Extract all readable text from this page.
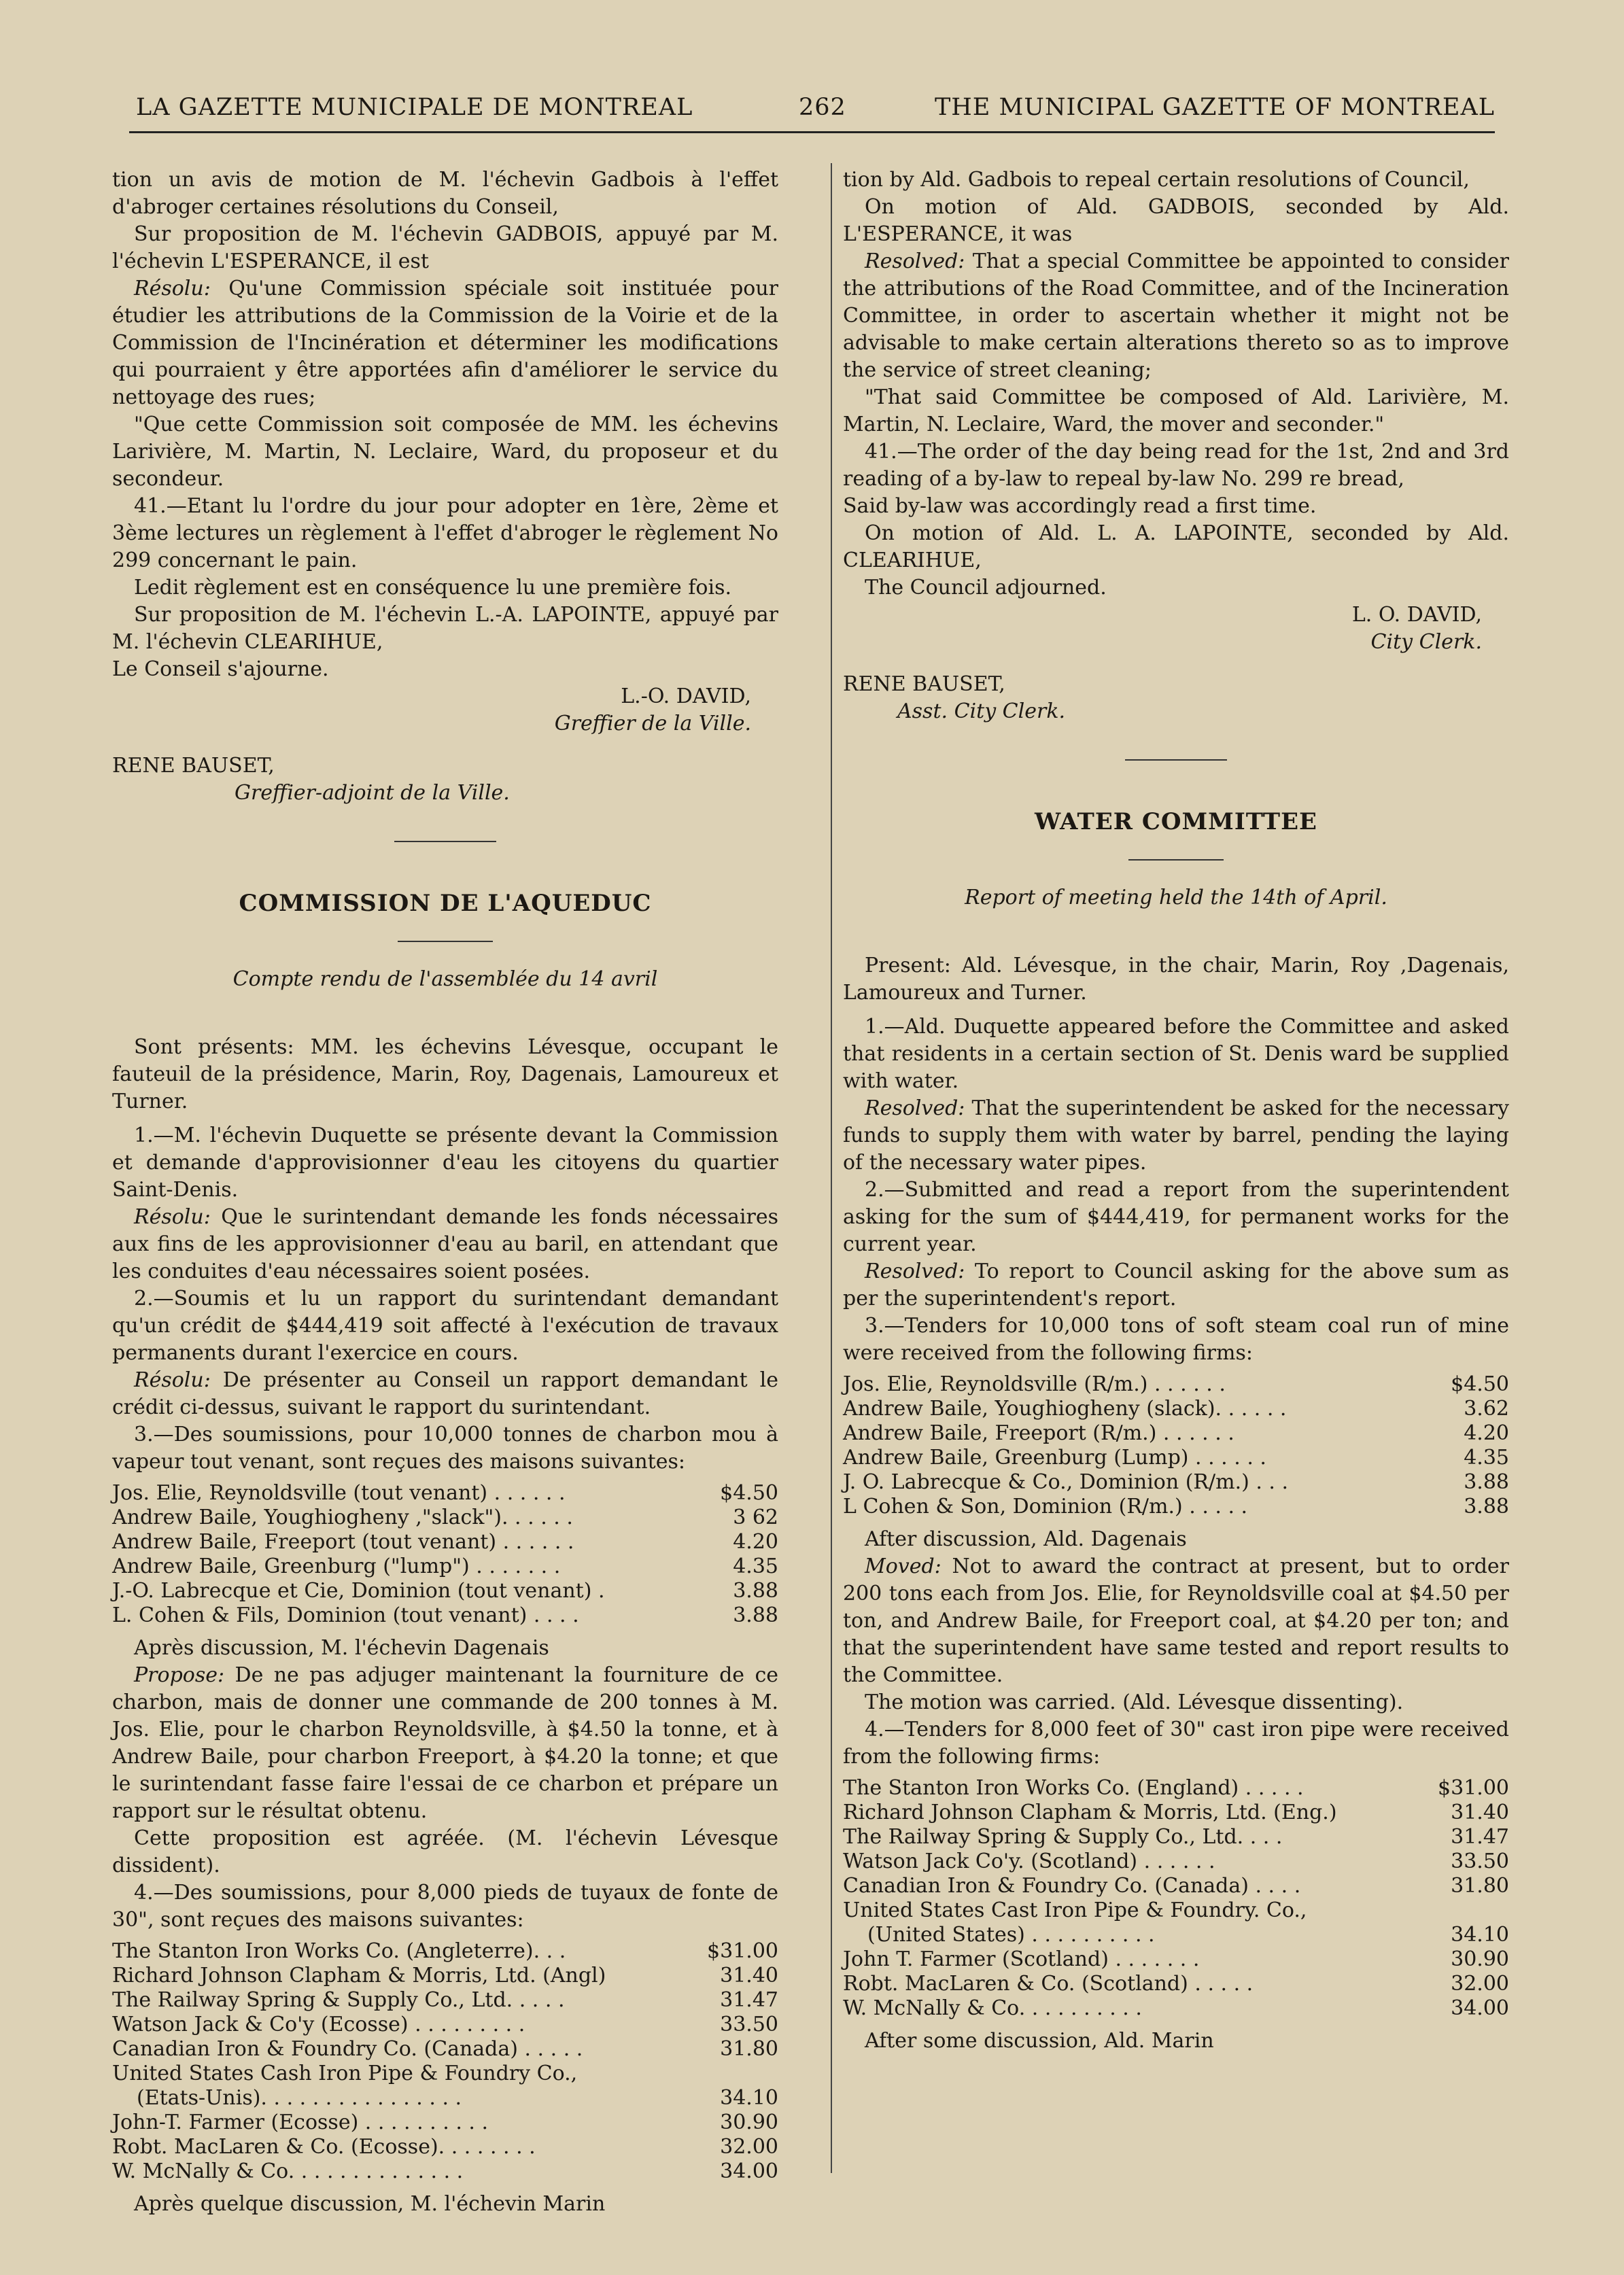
LA GAZETTE MUNICIPALE DE MONTREAL	262	THE MUNICIPAL GAZETTE OF MONTREAL

tion un avis de motion de M. l'échevin Gadbois à l'effet d'abroger certaines résolutions du Conseil,

Sur proposition de M. l'échevin GADBOIS, appuyé par M. l'échevin L'ESPERANCE, il est

Résolu: Qu'une Commission spéciale soit instituée pour étudier les attributions de la Commission de la Voirie et de la Commission de l'Incinération et déterminer les modifications qui pourraient y être apportées afin d'améliorer le service du nettoyage des rues;

"Que cette Commission soit composée de MM. les échevins Larivière, M. Martin, N. Leclaire, Ward, du proposeur et du secondeur.

41.—Etant lu l'ordre du jour pour adopter en 1ère, 2ème et 3ème lectures un règlement à l'effet d'abroger le règlement No 299 concernant le pain.

Ledit règlement est en conséquence lu une première fois.

Sur proposition de M. l'échevin L.-A. LAPOINTE, appuyé par M. l'échevin CLEARIHUE,

Le Conseil s'ajourne.

L.-O. DAVID,

Greffier de la Ville.

RENE BAUSET,

Greffier-adjoint de la Ville.

COMMISSION DE L'AQUEDUC

Compte rendu de l'assemblée du 14 avril

Sont présents: MM. les échevins Lévesque, occupant le fauteuil de la présidence, Marin, Roy, Dagenais, Lamoureux et Turner.

1.—M. l'échevin Duquette se présente devant la Commission et demande d'approvisionner d'eau les citoyens du quartier Saint-Denis.

Résolu: Que le surintendant demande les fonds nécessaires aux fins de les approvisionner d'eau au baril, en attendant que les conduites d'eau nécessaires soient posées.

2.—Soumis et lu un rapport du surintendant demandant qu'un crédit de $444,419 soit affecté à l'exécution de travaux permanents durant l'exercice en cours.

Résolu: De présenter au Conseil un rapport demandant le crédit ci-dessus, suivant le rapport du surintendant.

3.—Des soumissions, pour 10,000 tonnes de charbon mou à vapeur tout venant, sont reçues des maisons suivantes:

Jos. Elie, Reynoldsville (tout venant) . . . . . .	$4.50
Andrew Baile, Youghiogheny ,"slack"). . . . . .	3 62
Andrew Baile, Freeport (tout venant) . . . . . .	4.20
Andrew Baile, Greenburg ("lump") . . . . . . .	4.35
J.-O. Labrecque et Cie, Dominion (tout venant) .	3.88
L. Cohen & Fils, Dominion (tout venant) . . . .	3.88

Après discussion, M. l'échevin Dagenais

Propose: De ne pas adjuger maintenant la fourniture de ce charbon, mais de donner une commande de 200 tonnes à M. Jos. Elie, pour le charbon Reynoldsville, à $4.50 la tonne, et à Andrew Baile, pour charbon Freeport, à $4.20 la tonne; et que le surintendant fasse faire l'essai de ce charbon et prépare un rapport sur le résultat obtenu.

Cette proposition est agréée. (M. l'échevin Lévesque dissident).

4.—Des soumissions, pour 8,000 pieds de tuyaux de fonte de 30", sont reçues des maisons suivantes:

The Stanton Iron Works Co. (Angleterre). . .	$31.00
Richard Johnson Clapham & Morris, Ltd. (Angl)	31.40
The Railway Spring & Supply Co., Ltd. . . . .	31.47
Watson Jack & Co'y (Ecosse) . . . . . . . . .	33.50
Canadian Iron & Foundry Co. (Canada) . . . . .	31.80
United States Cash Iron Pipe & Foundry Co.,	
(Etats-Unis). . . . . . . . . . . . . . . .	34.10
John-T. Farmer (Ecosse) . . . . . . . . . .	30.90
Robt. MacLaren & Co. (Ecosse). . . . . . . .	32.00
W. McNally & Co. . . . . . . . . . . . . .	34.00

Après quelque discussion, M. l'échevin Marin

tion by Ald. Gadbois to repeal certain resolutions of Council,

On motion of Ald. GADBOIS, seconded by Ald. L'ESPERANCE, it was

Resolved: That a special Committee be appointed to consider the attributions of the Road Committee, and of the Incineration Committee, in order to ascertain whether it might not be advisable to make certain alterations thereto so as to improve the service of street cleaning;

"That said Committee be composed of Ald. Larivière, M. Martin, N. Leclaire, Ward, the mover and seconder."

41.—The order of the day being read for the 1st, 2nd and 3rd reading of a by-law to repeal by-law No. 299 re bread,

Said by-law was accordingly read a first time.

On motion of Ald. L. A. LAPOINTE, seconded by Ald. CLEARIHUE,

The Council adjourned.

L. O. DAVID,

City Clerk.

RENE BAUSET,

Asst. City Clerk.

WATER COMMITTEE

Report of meeting held the 14th of April.

Present: Ald. Lévesque, in the chair, Marin, Roy ,Dagenais, Lamoureux and Turner.

1.—Ald. Duquette appeared before the Committee and asked that residents in a certain section of St. Denis ward be supplied with water.

Resolved: That the superintendent be asked for the necessary funds to supply them with water by barrel, pending the laying of the necessary water pipes.

2.—Submitted and read a report from the superintendent asking for the sum of $444,419, for permanent works for the current year.

Resolved: To report to Council asking for the above sum as per the superintendent's report.

3.—Tenders for 10,000 tons of soft steam coal run of mine were received from the following firms:

Jos. Elie, Reynoldsville (R/m.) . . . . . .	$4.50
Andrew Baile, Youghiogheny (slack). . . . . .	3.62
Andrew Baile, Freeport (R/m.) . . . . . .	4.20
Andrew Baile, Greenburg (Lump) . . . . . .	4.35
J. O. Labrecque & Co., Dominion (R/m.) . . .	3.88
L Cohen & Son, Dominion (R/m.) . . . . .	3.88

After discussion, Ald. Dagenais

Moved: Not to award the contract at present, but to order 200 tons each from Jos. Elie, for Reynoldsville coal at $4.50 per ton, and Andrew Baile, for Freeport coal, at $4.20 per ton; and that the superintendent have same tested and report results to the Committee.

The motion was carried. (Ald. Lévesque dissenting).

4.—Tenders for 8,000 feet of 30" cast iron pipe were received from the following firms:

The Stanton Iron Works Co. (England) . . . . .	$31.00
Richard Johnson Clapham & Morris, Ltd. (Eng.)	31.40
The Railway Spring & Supply Co., Ltd. . . .	31.47
Watson Jack Co'y. (Scotland) . . . . . .	33.50
Canadian Iron & Foundry Co. (Canada) . . . .	31.80
United States Cast Iron Pipe & Foundry. Co.,	
(United States) . . . . . . . . . .	34.10
John T. Farmer (Scotland) . . . . . . .	30.90
Robt. MacLaren & Co. (Scotland) . . . . .	32.00
W. McNally & Co. . . . . . . . . .	34.00

After some discussion, Ald. Marin
